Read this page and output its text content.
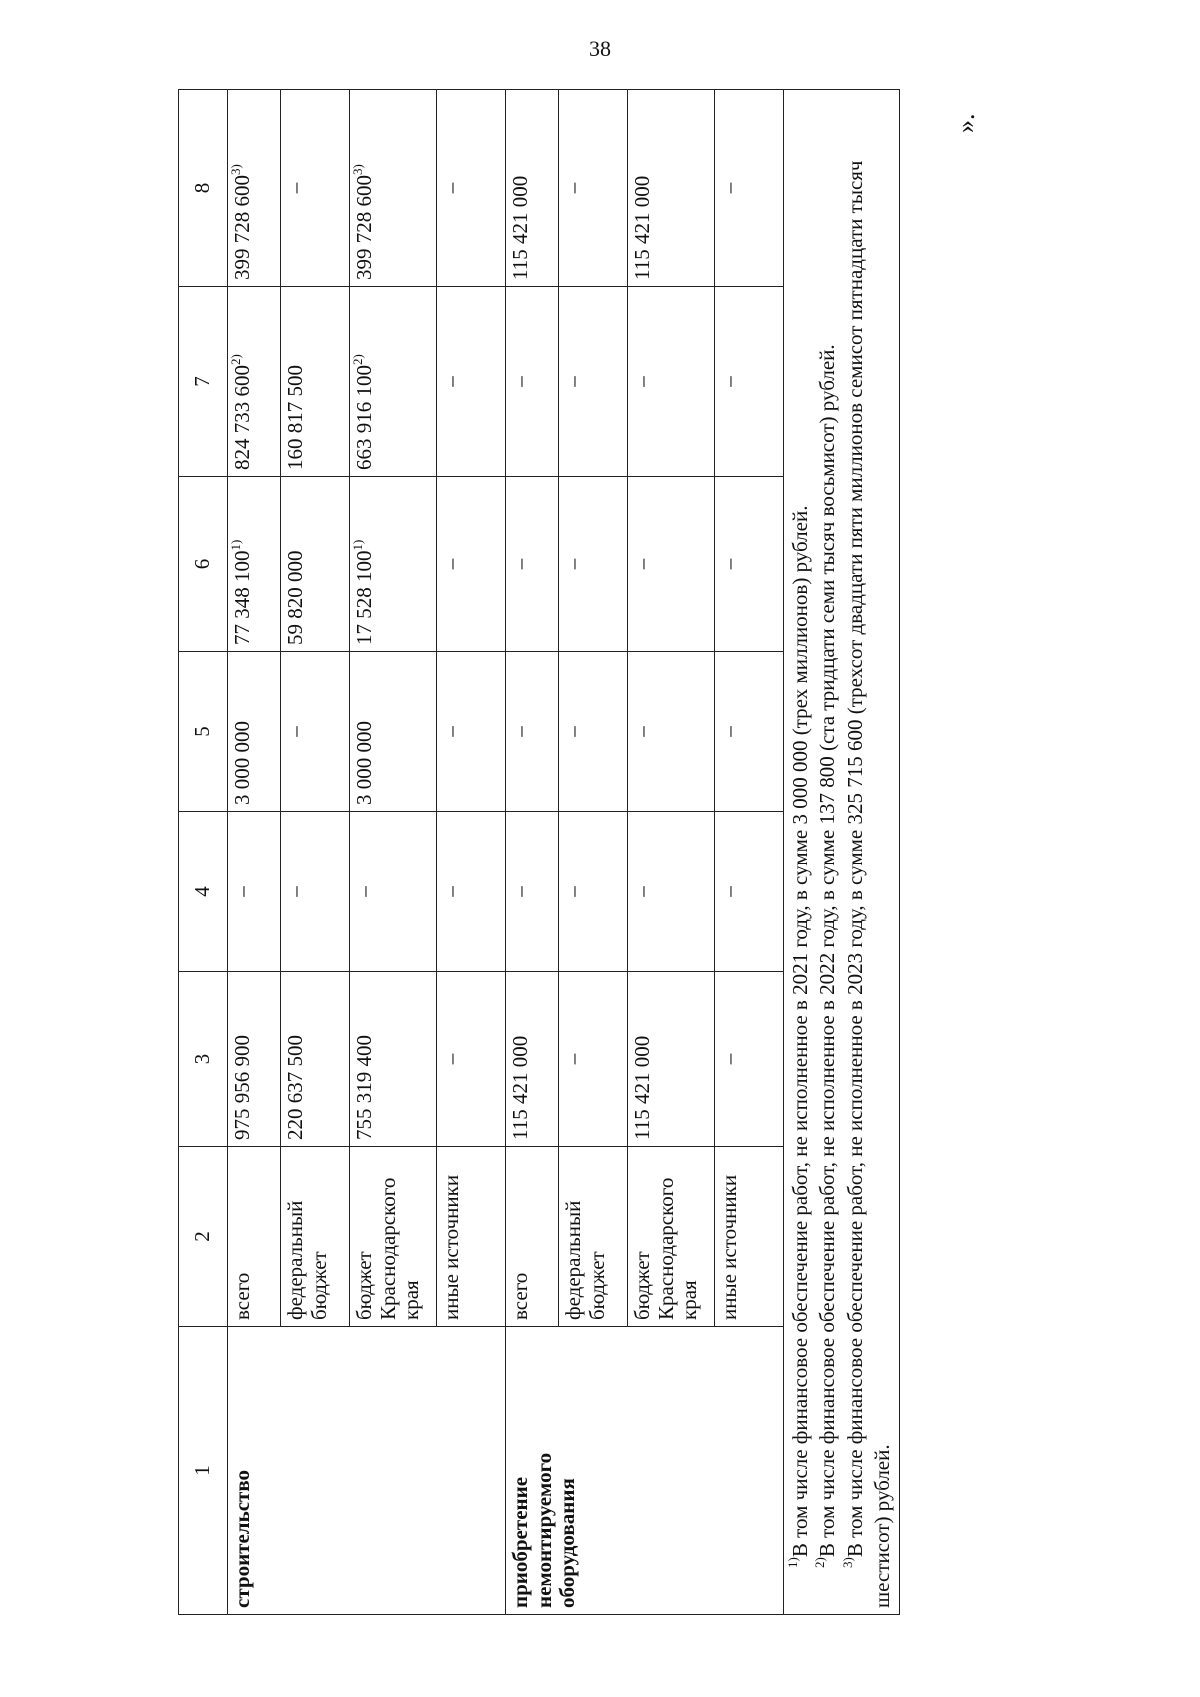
38
1	2	3	4	5	6	7	8
строительство	всего	975 956 900	–	3 000 000	77 348 100$^{1)}$	824 733 600$^{2)}$	399 728 600$^{3)}$
	федеральный бюджет	220 637 500	–	–	59 820 000	160 817 500	–
	бюджет Краснодарского края	755 319 400	–	3 000 000	17 528 100$^{1)}$	663 916 100$^{2)}$	399 728 600$^{3)}$
	иные источники	–	–	–	–	–	–
приобретение немонтируемого оборудования	всего	115 421 000	–	–	–	–	115 421 000
	федеральный бюджет	–	–	–	–	–	–
	бюджет Краснодарского края	115 421 000	–	–	–	–	115 421 000
	иные источники	–	–	–	–	–	–

$^{1)}$В том числе финансовое обеспечение работ, не исполненное в 2021 году, в сумме 3 000 000 (трех миллионов) рублей.

$^{2)}$В том числе финансовое обеспечение работ, не исполненное в 2022 году, в сумме 137 800 (ста тридцати семи тысяч восьмисот) рублей.

$^{3)}$В том числе финансовое обеспечение работ, не исполненное в 2023 году, в сумме 325 715 600 (трехсот двадцати пяти миллионов семисот пятнадцати тысяч шестисот) рублей.							

».
